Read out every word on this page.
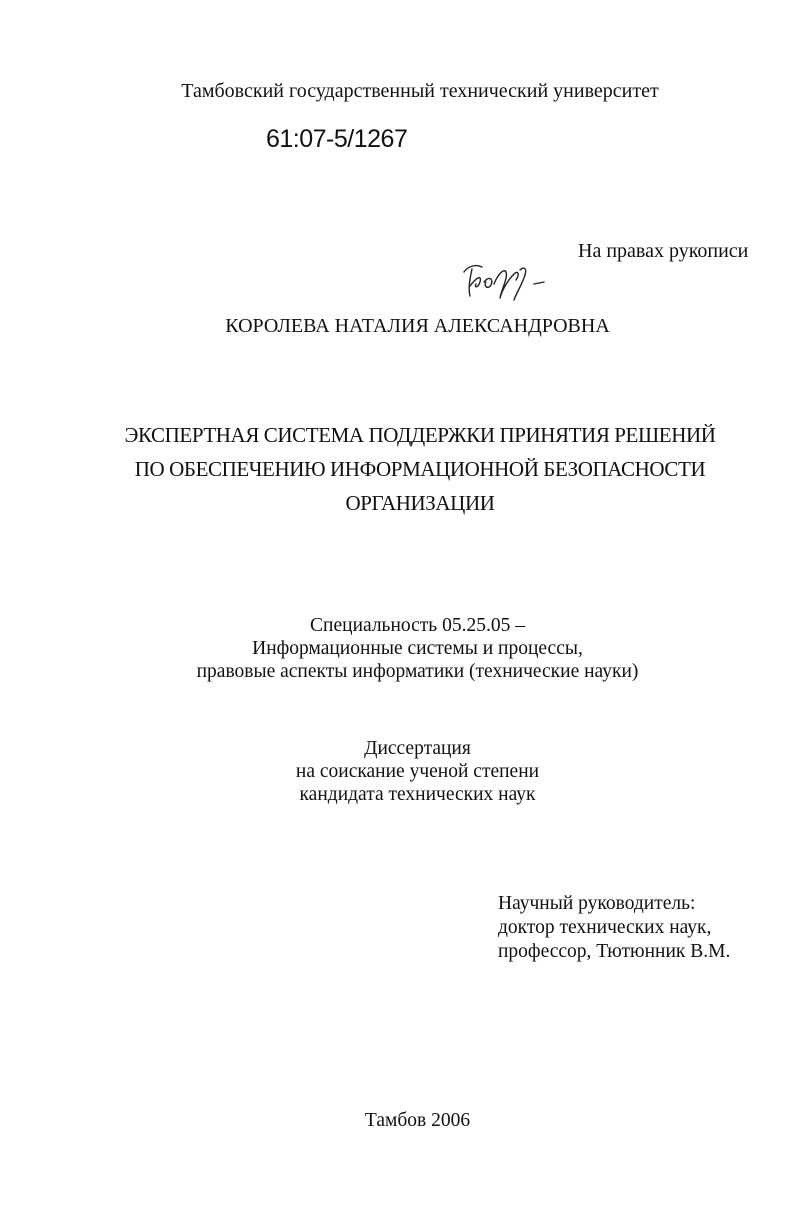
Тамбовский государственный технический университет
61:07-5/1267
На правах рукописи
КОРОЛЕВА НАТАЛИЯ АЛЕКСАНДРОВНА
ЭКСПЕРТНАЯ СИСТЕМА ПОДДЕРЖКИ ПРИНЯТИЯ РЕШЕНИЙ
ПО ОБЕСПЕЧЕНИЮ ИНФОРМАЦИОННОЙ БЕЗОПАСНОСТИ
ОРГАНИЗАЦИИ
Специальность 05.25.05 –
Информационные системы и процессы,
правовые аспекты информатики (технические науки)
Диссертация
на соискание ученой степени
кандидата технических наук
Научный руководитель:
доктор технических наук,
профессор, Тютюнник В.М.
Тамбов 2006
